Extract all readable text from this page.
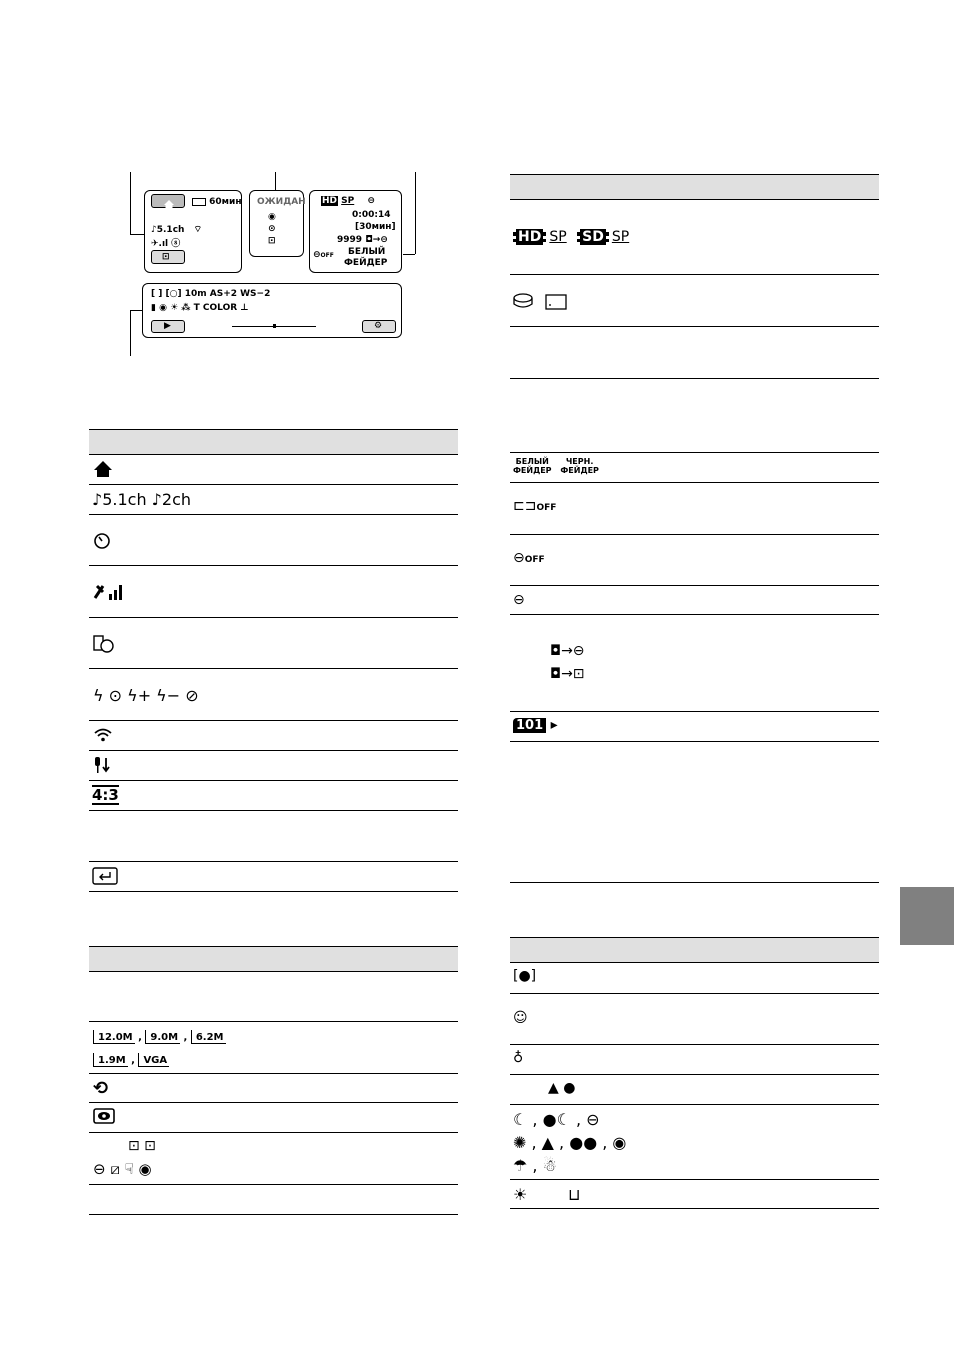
60мин
♪5.1ch ⌔
✈.ıl ⓢ
⊡
ОЖИДАН
◉
⊙
⊡
HD SP ⊖
0:00:14
[30мин]
9999 ◘→⊖
⊖OFF БЕЛЫЙ
ФЕЙДЕР
[ ] [○] 10m AS+2 WS−2
▮ ◉ ☀ ⁂ T COLOR ⊥
▶	⚙
♪5.1ch ♪2ch
ϟ ⊙ ϟ+ ϟ− ⊘
4:3
12.0M , 9.0M , 6.2M
1.9M , VGA
⟲
⊡ ⊡
⊖ ⧄ ☟ ◉
HD SP SD SP
БЕЛЫЙ
ФЕЙДЕР ЧЕРН.
ФЕЙДЕР
⊏⊐OFF
⊖OFF
⊖
◘→⊖
◘→⊡
101 ▸
[●]
☺
♁
▲ ●
☾ , ●☾ , ⊖
✺ , ▲ , ●● , ◉
☂ , ☃
☀	⊔
